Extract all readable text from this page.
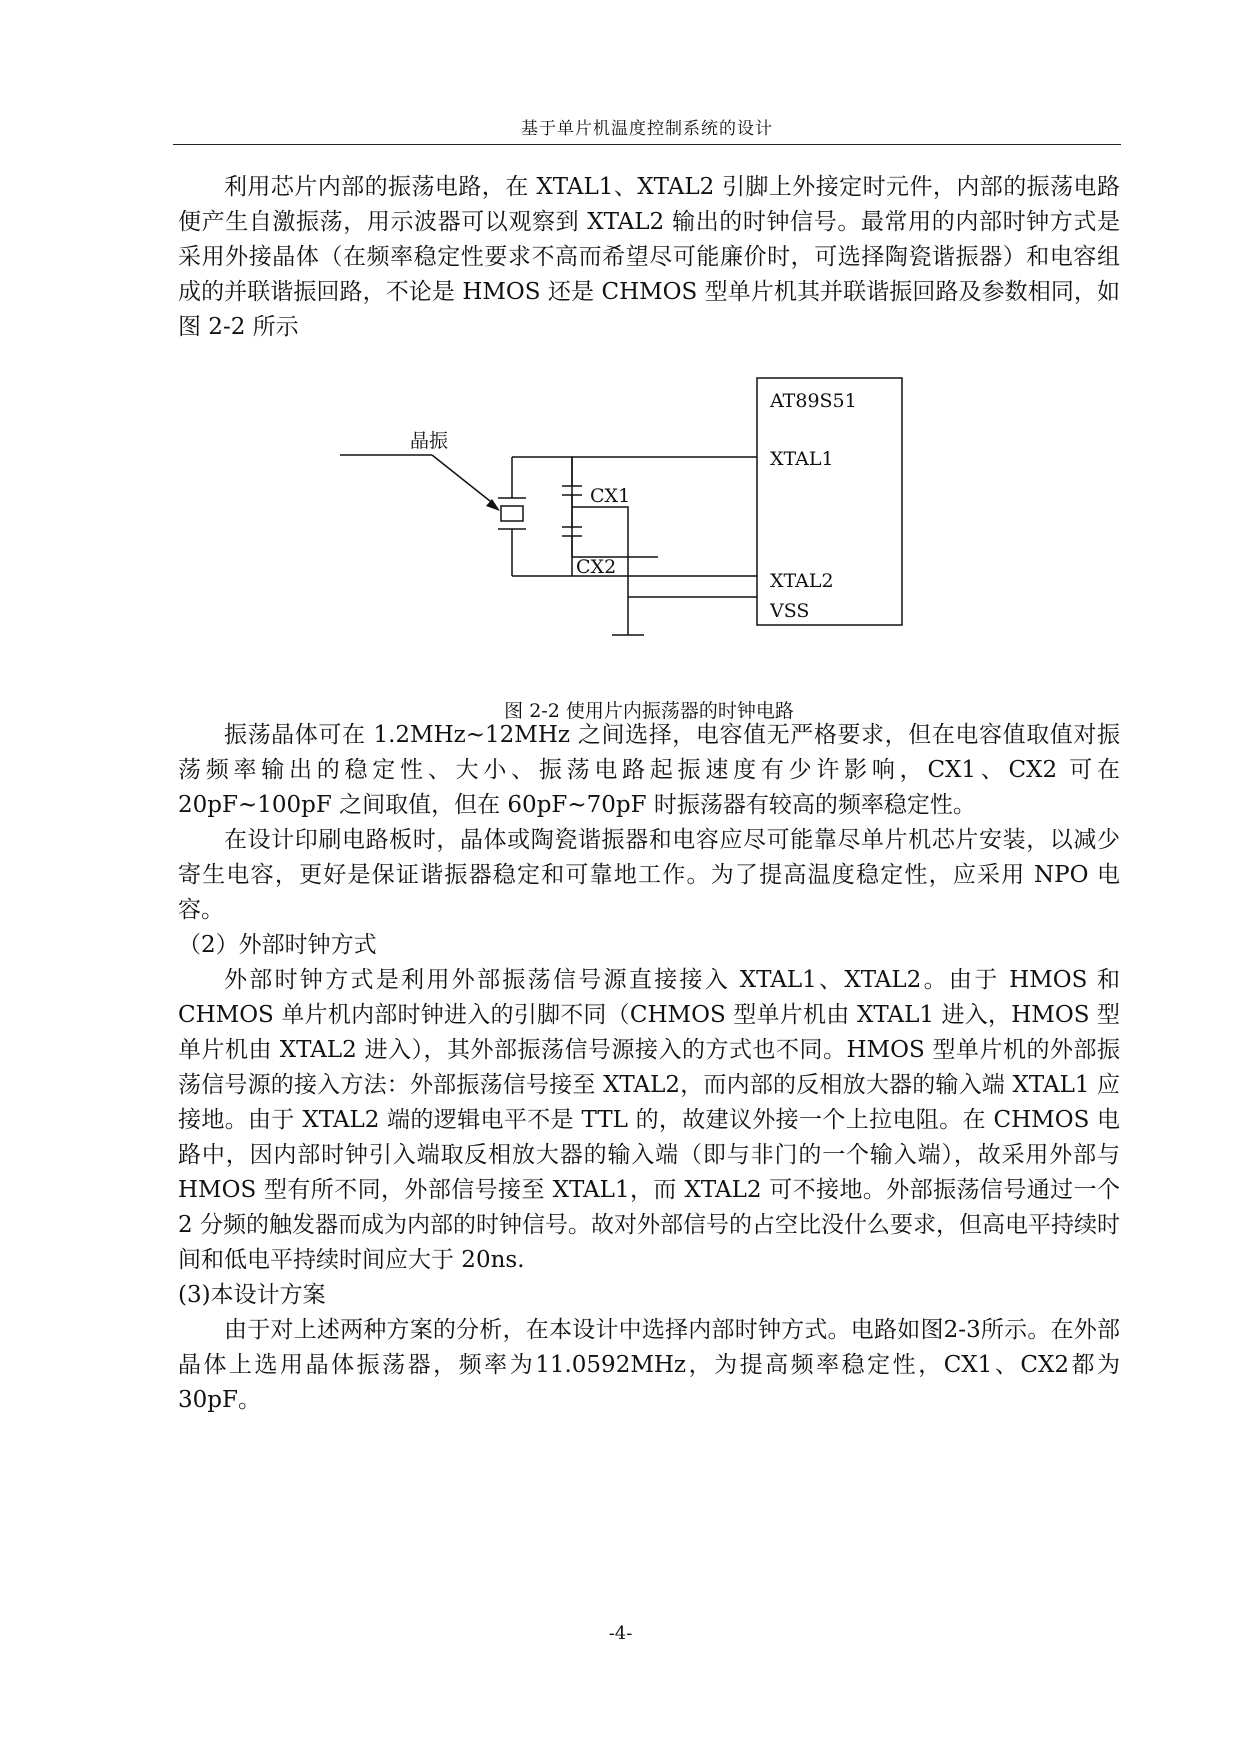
基于单片机温度控制系统的设计

利用芯片内部的振荡电路，在 XTAL1、XTAL2 引脚上外接定时元件，内部的振荡电路便产生自激振荡，用示波器可以观察到 XTAL2 输出的时钟信号。最常用的内部时钟方式是采用外接晶体（在频率稳定性要求不高而希望尽可能廉价时，可选择陶瓷谐振器）和电容组成的并联谐振回路，不论是 HMOS 还是 CHMOS 型单片机其并联谐振回路及参数相同，如图 2-2 所示

AT89S51
XTAL1
XTAL2
VSS
CX1
CX2
晶振
图 2-2 使用片内振荡器的时钟电路

振荡晶体可在 1.2MHz~12MHz 之间选择，电容值无严格要求，但在电容值取值对振荡频率输出的稳定性、大小、振荡电路起振速度有少许影响，CX1、CX2 可在 20pF~100pF 之间取值，但在 60pF~70pF 时振荡器有较高的频率稳定性。

在设计印刷电路板时，晶体或陶瓷谐振器和电容应尽可能靠尽单片机芯片安装，以减少寄生电容，更好是保证谐振器稳定和可靠地工作。为了提高温度稳定性，应采用 NPO 电容。

（2）外部时钟方式

外部时钟方式是利用外部振荡信号源直接接入 XTAL1、XTAL2。由于 HMOS 和 CHMOS 单片机内部时钟进入的引脚不同（CHMOS 型单片机由 XTAL1 进入，HMOS 型单片机由 XTAL2 进入），其外部振荡信号源接入的方式也不同。HMOS 型单片机的外部振荡信号源的接入方法：外部振荡信号接至 XTAL2，而内部的反相放大器的输入端 XTAL1 应接地。由于 XTAL2 端的逻辑电平不是 TTL 的，故建议外接一个上拉电阻。在 CHMOS 电路中，因内部时钟引入端取反相放大器的输入端（即与非门的一个输入端），故采用外部与 HMOS 型有所不同，外部信号接至 XTAL1，而 XTAL2 可不接地。外部振荡信号通过一个 2 分频的触发器而成为内部的时钟信号。故对外部信号的占空比没什么要求，但高电平持续时间和低电平持续时间应大于 20ns.

(3)本设计方案

由于对上述两种方案的分析，在本设计中选择内部时钟方式。电路如图2-3所示。在外部晶体上选用晶体振荡器，频率为11.0592MHz，为提高频率稳定性，CX1、CX2都为30pF。

-4-
